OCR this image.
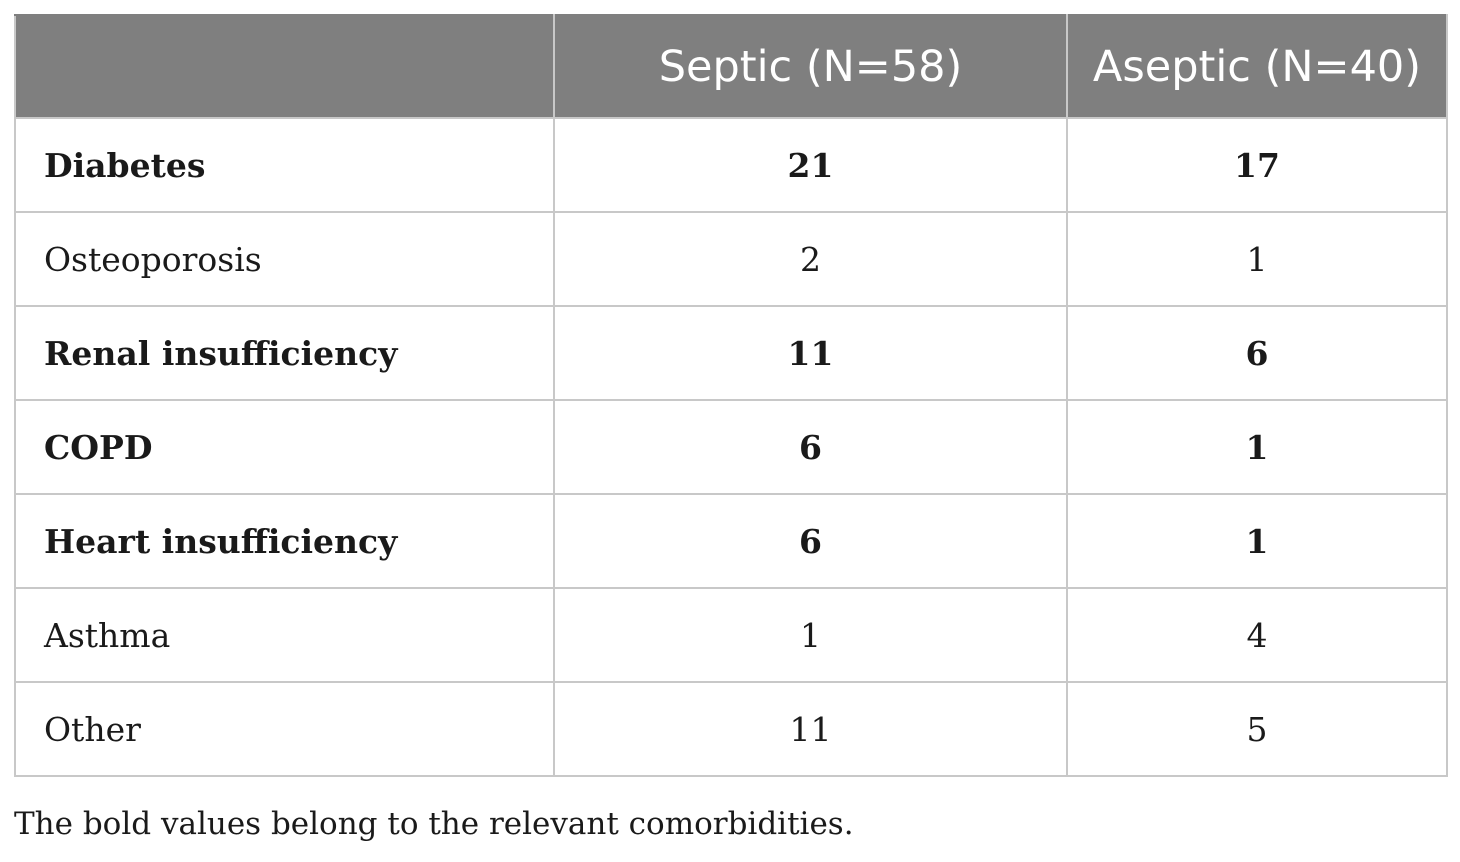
	Septic (N=58)	Aseptic (N=40)
Diabetes	21	17
Osteoporosis	2	1
Renal insufficiency	11	6
COPD	6	1
Heart insufficiency	6	1
Asthma	1	4
Other	11	5
The bold values belong to the relevant comorbidities.
